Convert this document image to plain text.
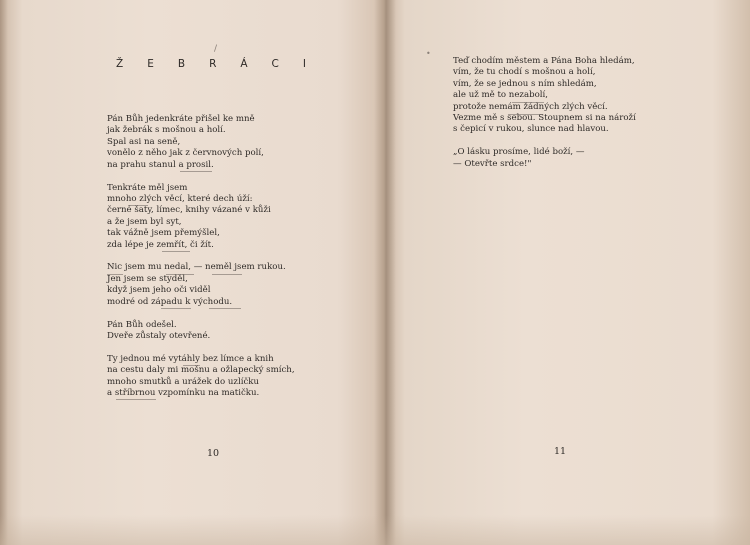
/
Ž E B R Á C I
Pán Bůh jedenkráte přišel ke mně
jak žebrák s mošnou a holí.
Spal asi na seně,
vonělo z něho jak z červnových polí,
na prahu stanul a prosil.
Tenkráte měl jsem
mnoho zlých věcí, které dech úží:
černé šaty, límec, knihy vázané v kůži
a že jsem byl syt,
tak vážně jsem přemýšlel,
zda lépe je zemřít, či žít.
Nic jsem mu nedal, — neměl jsem rukou.
Jen jsem se styděl,
když jsem jeho oči viděl
modré od západu k východu.
Pán Bůh odešel.
Dveře zůstaly otevřené.
Ty jednou mé vytáhly bez límce a knih
na cestu daly mi mošnu a ožlapecký smích,
mnoho smutků a urážek do uzlíčku
a stříbrnou vzpomínku na matičku.
10
•
Teď chodím městem a Pána Boha hledám,
vím, že tu chodí s mošnou a holí,
vím, že se jednou s ním shledám,
ale už mě to nezabolí,
protože nemám žádných zlých věcí.
Vezme mě s sebou. Stoupnem si na nároží
s čepicí v rukou, slunce nad hlavou.
„O lásku prosíme, lidé boží, —
— Otevřte srdce!"
11
